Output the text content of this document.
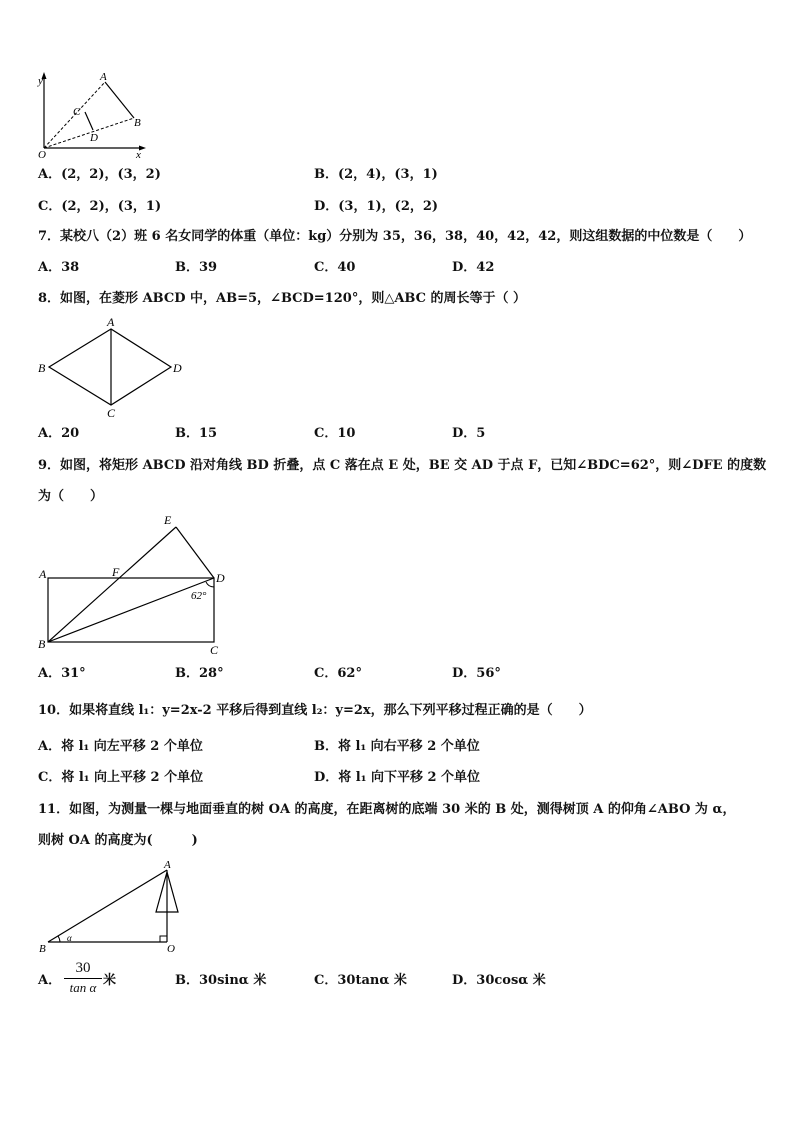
y	A
C
B
D
O	x
A．(2，2)，(3，2)	B．(2，4)，(3，1)
C．(2，2)，(3，1)	D．(3，1)，(2，2)
7．某校八（2）班 6 名女同学的体重（单位：kg）分别为 35，36，38，40，42，42，则这组数据的中位数是（　　）
A．38	B．39	C．40	D．42
8．如图，在菱形 ABCD 中，AB=5，∠BCD=120°，则△ABC 的周长等于（ ）
A
B	D
C
A．20	B．15	C．10	D．5
9．如图，将矩形 ABCD 沿对角线 BD 折叠，点 C 落在点 E 处，BE 交 AD 于点 F，已知∠BDC=62°，则∠DFE 的度数
为（　　）
E
A	F	D
62°
B	C
A．31°	B．28°	C．62°	D．56°
10．如果将直线 l₁：y=2x-2 平移后得到直线 l₂：y=2x，那么下列平移过程正确的是（　　）
A．将 l₁ 向左平移 2 个单位	B．将 l₁ 向右平移 2 个单位
C．将 l₁ 向上平移 2 个单位	D．将 l₁ 向下平移 2 个单位
11．如图，为测量一棵与地面垂直的树 OA 的高度，在距离树的底端 30 米的 B 处，测得树顶 A 的仰角∠ABO 为 α，
则树 OA 的高度为(　　　)
A
α
B	O
A．
30
tan α 米	B．30sinα 米	C．30tanα 米	D．30cosα 米
